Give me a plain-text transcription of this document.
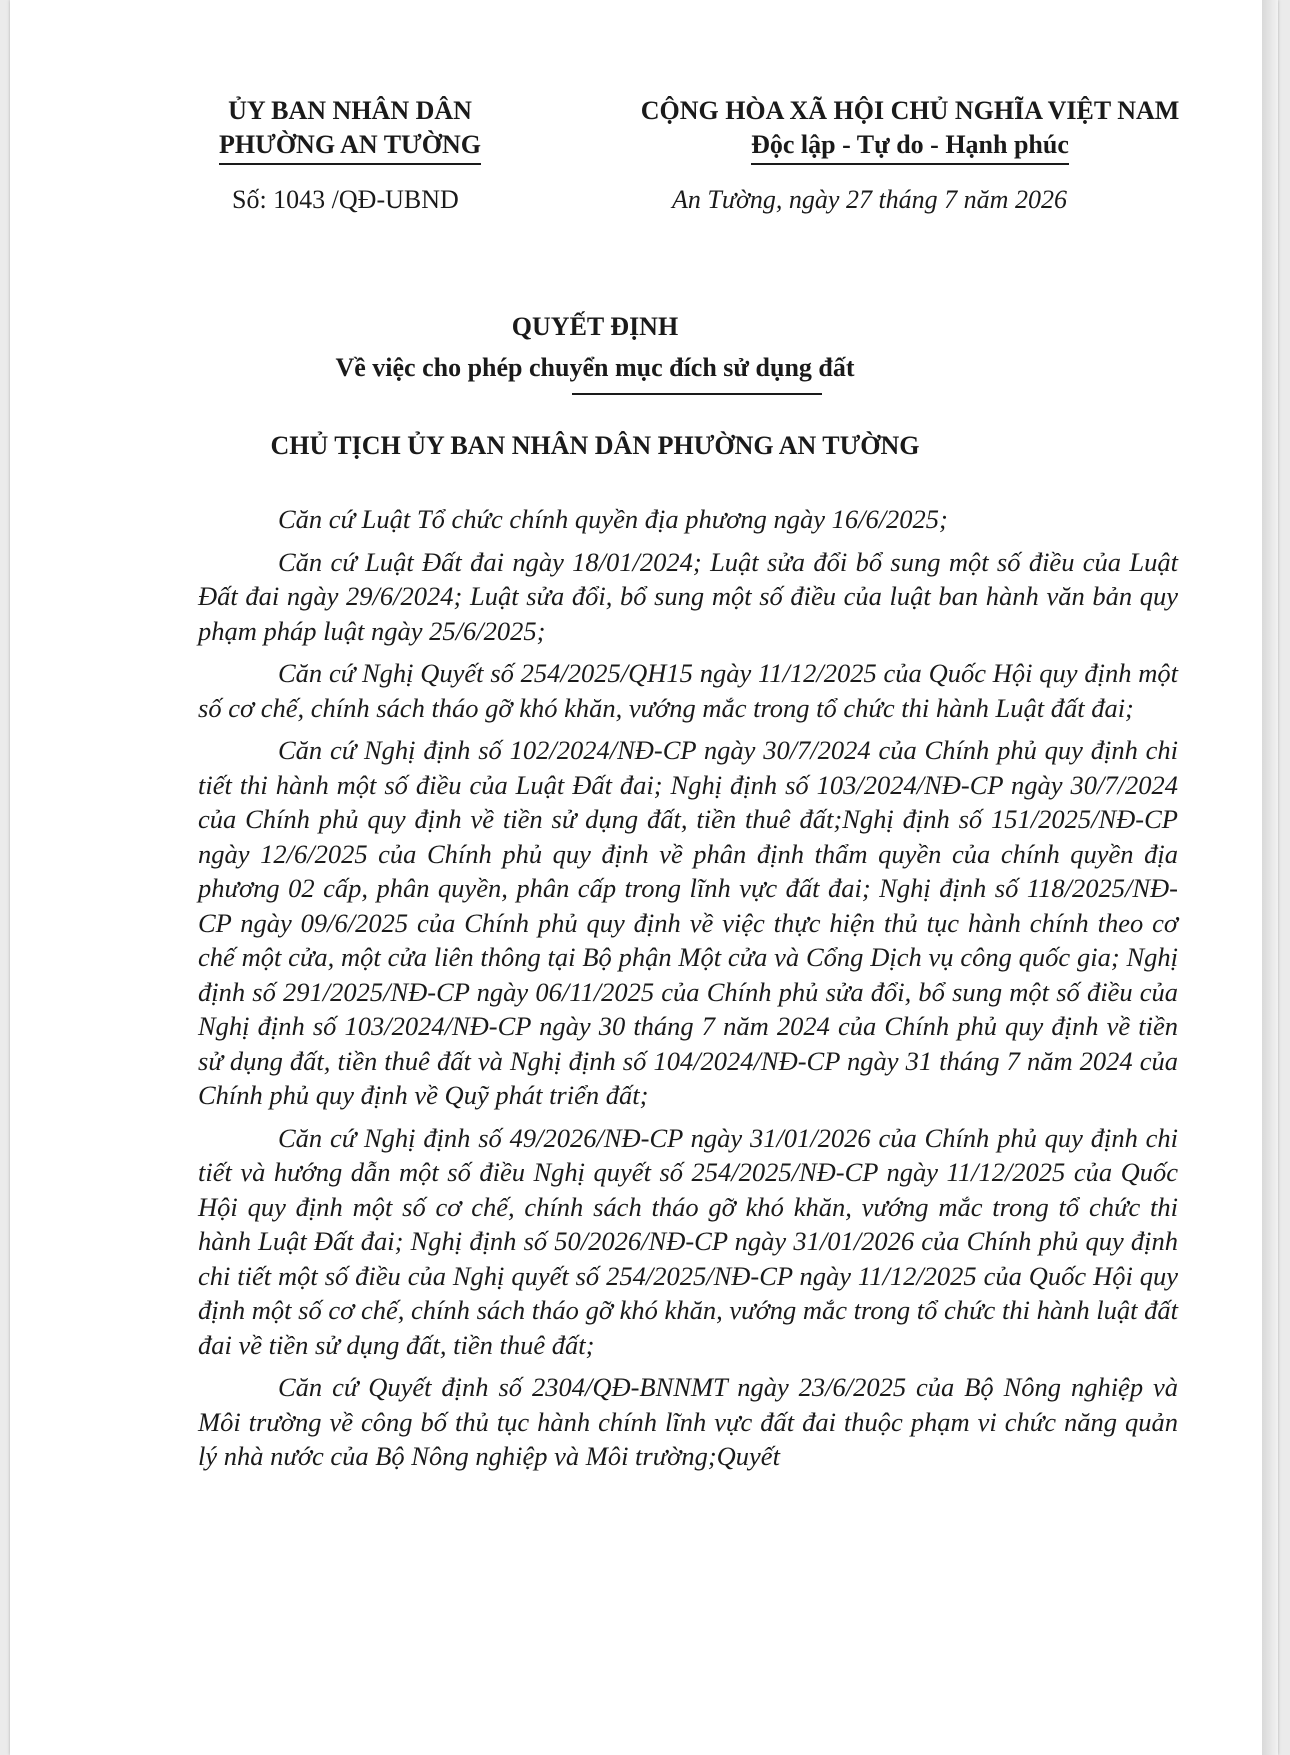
ỦY BAN NHÂN DÂN
PHƯỜNG AN TƯỜNG
CỘNG HÒA XÃ HỘI CHỦ NGHĨA VIỆT NAM
Độc lập - Tự do - Hạnh phúc
Số: 1043 /QĐ-UBND	An Tường, ngày 27 tháng 7 năm 2026
QUYẾT ĐỊNH
Về việc cho phép chuyển mục đích sử dụng đất
CHỦ TỊCH ỦY BAN NHÂN DÂN PHƯỜNG AN TƯỜNG

Căn cứ Luật Tổ chức chính quyền địa phương ngày 16/6/2025;

Căn cứ Luật Đất đai ngày 18/01/2024; Luật sửa đổi bổ sung một số điều của Luật Đất đai ngày 29/6/2024; Luật sửa đổi, bổ sung một số điều của luật ban hành văn bản quy phạm pháp luật ngày 25/6/2025;

Căn cứ Nghị Quyết số 254/2025/QH15 ngày 11/12/2025 của Quốc Hội quy định một số cơ chế, chính sách tháo gỡ khó khăn, vướng mắc trong tổ chức thi hành Luật đất đai;

Căn cứ Nghị định số 102/2024/NĐ-CP ngày 30/7/2024 của Chính phủ quy định chi tiết thi hành một số điều của Luật Đất đai; Nghị định số 103/2024/NĐ-CP ngày 30/7/2024 của Chính phủ quy định về tiền sử dụng đất, tiền thuê đất;Nghị định số 151/2025/NĐ-CP ngày 12/6/2025 của Chính phủ quy định về phân định thẩm quyền của chính quyền địa phương 02 cấp, phân quyền, phân cấp trong lĩnh vực đất đai; Nghị định số 118/2025/NĐ-CP ngày 09/6/2025 của Chính phủ quy định về việc thực hiện thủ tục hành chính theo cơ chế một cửa, một cửa liên thông tại Bộ phận Một cửa và Cổng Dịch vụ công quốc gia; Nghị định số 291/2025/NĐ-CP ngày 06/11/2025 của Chính phủ sửa đổi, bổ sung một số điều của Nghị định số 103/2024/NĐ-CP ngày 30 tháng 7 năm 2024 của Chính phủ quy định về tiền sử dụng đất, tiền thuê đất và Nghị định số 104/2024/NĐ-CP ngày 31 tháng 7 năm 2024 của Chính phủ quy định về Quỹ phát triển đất;

Căn cứ Nghị định số 49/2026/NĐ-CP ngày 31/01/2026 của Chính phủ quy định chi tiết và hướng dẫn một số điều Nghị quyết số 254/2025/NĐ-CP ngày 11/12/2025 của Quốc Hội quy định một số cơ chế, chính sách tháo gỡ khó khăn, vướng mắc trong tổ chức thi hành Luật Đất đai; Nghị định số 50/2026/NĐ-CP ngày 31/01/2026 của Chính phủ quy định chi tiết một số điều của Nghị quyết số 254/2025/NĐ-CP ngày 11/12/2025 của Quốc Hội quy định một số cơ chế, chính sách tháo gỡ khó khăn, vướng mắc trong tổ chức thi hành luật đất đai về tiền sử dụng đất, tiền thuê đất;

Căn cứ Quyết định số 2304/QĐ-BNNMT ngày 23/6/2025 của Bộ Nông nghiệp và Môi trường về công bố thủ tục hành chính lĩnh vực đất đai thuộc phạm vi chức năng quản lý nhà nước của Bộ Nông nghiệp và Môi trường;Quyết
